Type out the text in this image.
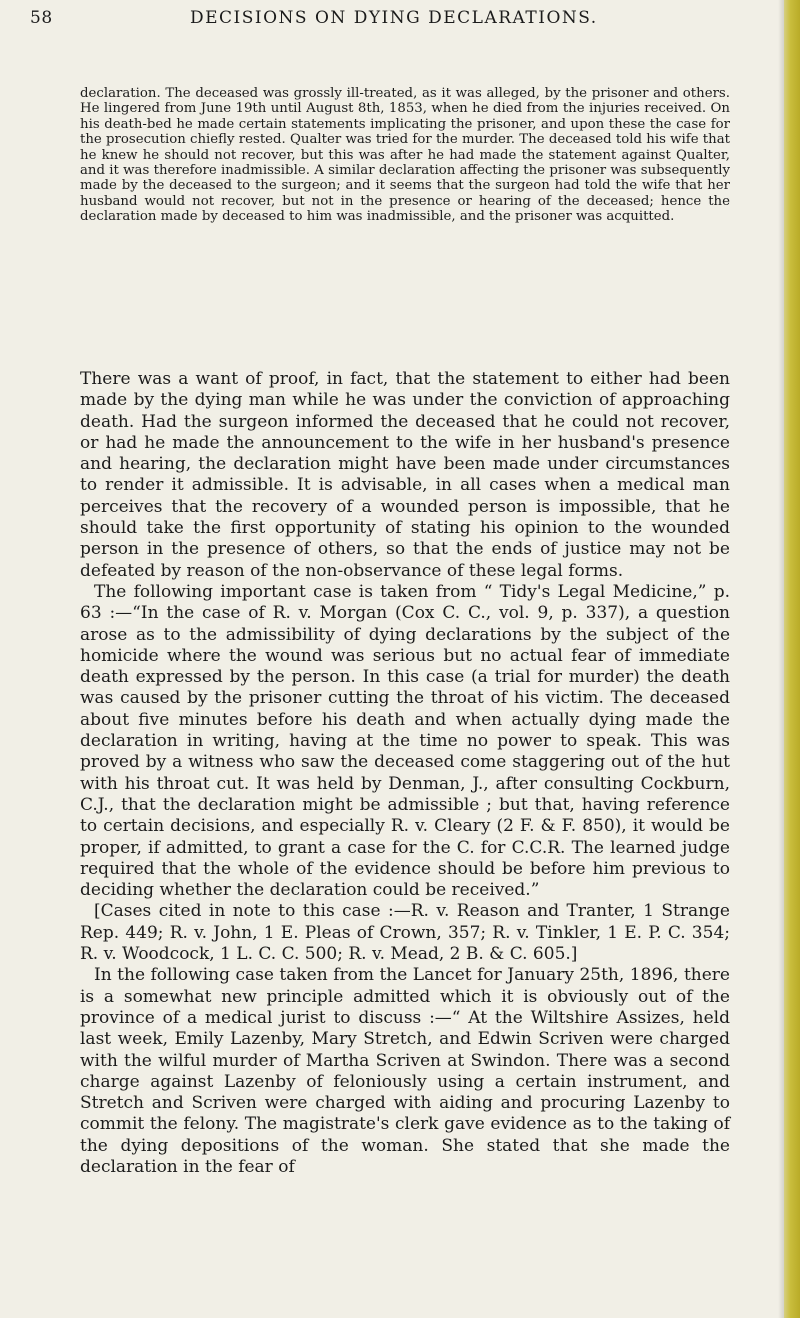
58	DECISIONS ON DYING DECLARATIONS.

declaration. The deceased was grossly ill-treated, as it was alleged, by the prisoner and others. He lingered from June 19th until August 8th, 1853, when he died from the injuries received. On his death-bed he made certain statements implicating the prisoner, and upon these the case for the prosecution chiefly rested. Qualter was tried for the murder. The deceased told his wife that he knew he should not recover, but this was after he had made the statement against Qualter, and it was therefore inadmissible. A similar declaration affecting the prisoner was subsequently made by the deceased to the surgeon; and it seems that the surgeon had told the wife that her husband would not recover, but not in the presence or hearing of the deceased; hence the declaration made by deceased to him was inadmissible, and the prisoner was acquitted.

There was a want of proof, in fact, that the statement to either had been made by the dying man while he was under the conviction of approaching death. Had the surgeon informed the deceased that he could not recover, or had he made the announcement to the wife in her husband's presence and hearing, the declaration might have been made under circumstances to render it admissible. It is advisable, in all cases when a medical man perceives that the recovery of a wounded person is impossible, that he should take the first opportunity of stating his opinion to the wounded person in the presence of others, so that the ends of justice may not be defeated by reason of the non-observance of these legal forms.

The following important case is taken from “ Tidy's Legal Medicine,” p. 63 :—“In the case of R. v. Morgan (Cox C. C., vol. 9, p. 337), a question arose as to the admissibility of dying declarations by the subject of the homicide where the wound was serious but no actual fear of immediate death expressed by the person. In this case (a trial for murder) the death was caused by the prisoner cutting the throat of his victim. The deceased about five minutes before his death and when actually dying made the declaration in writing, having at the time no power to speak. This was proved by a witness who saw the deceased come staggering out of the hut with his throat cut. It was held by Denman, J., after consulting Cockburn, C.J., that the declaration might be admissible ; but that, having reference to certain decisions, and especially R. v. Cleary (2 F. & F. 850), it would be proper, if admitted, to grant a case for the C. for C.C.R. The learned judge required that the whole of the evidence should be before him previous to deciding whether the declaration could be received.”

[Cases cited in note to this case :—R. v. Reason and Tranter, 1 Strange Rep. 449; R. v. John, 1 E. Pleas of Crown, 357; R. v. Tinkler, 1 E. P. C. 354; R. v. Woodcock, 1 L. C. C. 500; R. v. Mead, 2 B. & C. 605.]

In the following case taken from the Lancet for January 25th, 1896, there is a somewhat new principle admitted which it is obviously out of the province of a medical jurist to discuss :—“ At the Wiltshire Assizes, held last week, Emily Lazenby, Mary Stretch, and Edwin Scriven were charged with the wilful murder of Martha Scriven at Swindon. There was a second charge against Lazenby of feloniously using a certain instrument, and Stretch and Scriven were charged with aiding and procuring Lazenby to commit the felony. The magistrate's clerk gave evidence as to the taking of the dying depositions of the woman. She stated that she made the declaration in the fear of
